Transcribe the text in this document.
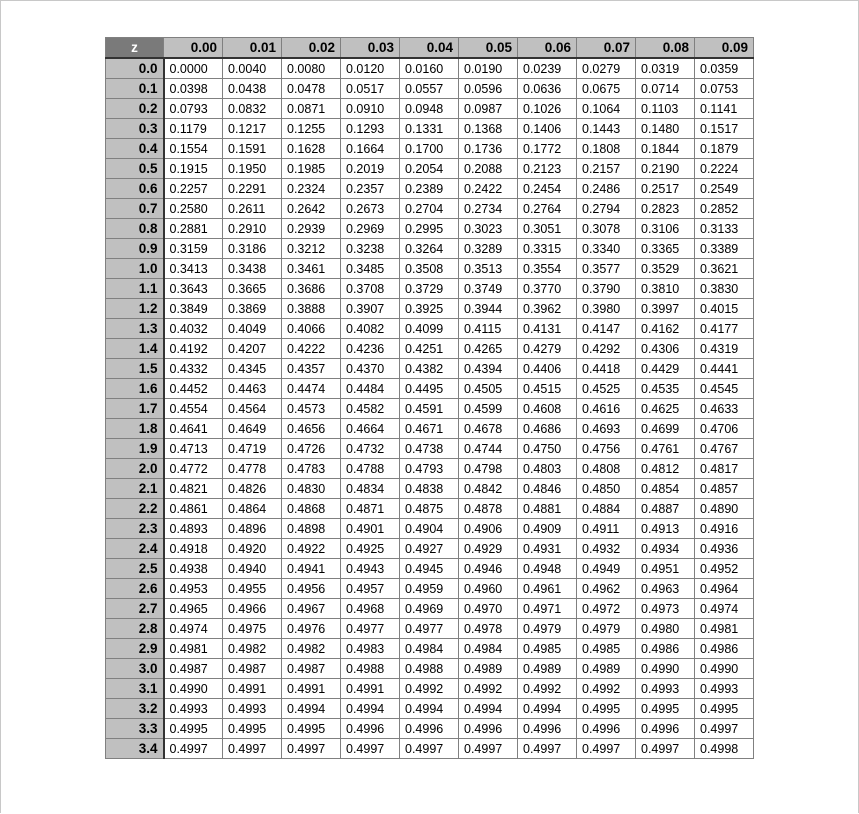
z	0.00	0.01	0.02	0.03	0.04	0.05	0.06	0.07	0.08	0.09
0.0	0.0000	0.0040	0.0080	0.0120	0.0160	0.0190	0.0239	0.0279	0.0319	0.0359
0.1	0.0398	0.0438	0.0478	0.0517	0.0557	0.0596	0.0636	0.0675	0.0714	0.0753
0.2	0.0793	0.0832	0.0871	0.0910	0.0948	0.0987	0.1026	0.1064	0.1103	0.1141
0.3	0.1179	0.1217	0.1255	0.1293	0.1331	0.1368	0.1406	0.1443	0.1480	0.1517
0.4	0.1554	0.1591	0.1628	0.1664	0.1700	0.1736	0.1772	0.1808	0.1844	0.1879
0.5	0.1915	0.1950	0.1985	0.2019	0.2054	0.2088	0.2123	0.2157	0.2190	0.2224
0.6	0.2257	0.2291	0.2324	0.2357	0.2389	0.2422	0.2454	0.2486	0.2517	0.2549
0.7	0.2580	0.2611	0.2642	0.2673	0.2704	0.2734	0.2764	0.2794	0.2823	0.2852
0.8	0.2881	0.2910	0.2939	0.2969	0.2995	0.3023	0.3051	0.3078	0.3106	0.3133
0.9	0.3159	0.3186	0.3212	0.3238	0.3264	0.3289	0.3315	0.3340	0.3365	0.3389
1.0	0.3413	0.3438	0.3461	0.3485	0.3508	0.3513	0.3554	0.3577	0.3529	0.3621
1.1	0.3643	0.3665	0.3686	0.3708	0.3729	0.3749	0.3770	0.3790	0.3810	0.3830
1.2	0.3849	0.3869	0.3888	0.3907	0.3925	0.3944	0.3962	0.3980	0.3997	0.4015
1.3	0.4032	0.4049	0.4066	0.4082	0.4099	0.4115	0.4131	0.4147	0.4162	0.4177
1.4	0.4192	0.4207	0.4222	0.4236	0.4251	0.4265	0.4279	0.4292	0.4306	0.4319
1.5	0.4332	0.4345	0.4357	0.4370	0.4382	0.4394	0.4406	0.4418	0.4429	0.4441
1.6	0.4452	0.4463	0.4474	0.4484	0.4495	0.4505	0.4515	0.4525	0.4535	0.4545
1.7	0.4554	0.4564	0.4573	0.4582	0.4591	0.4599	0.4608	0.4616	0.4625	0.4633
1.8	0.4641	0.4649	0.4656	0.4664	0.4671	0.4678	0.4686	0.4693	0.4699	0.4706
1.9	0.4713	0.4719	0.4726	0.4732	0.4738	0.4744	0.4750	0.4756	0.4761	0.4767
2.0	0.4772	0.4778	0.4783	0.4788	0.4793	0.4798	0.4803	0.4808	0.4812	0.4817
2.1	0.4821	0.4826	0.4830	0.4834	0.4838	0.4842	0.4846	0.4850	0.4854	0.4857
2.2	0.4861	0.4864	0.4868	0.4871	0.4875	0.4878	0.4881	0.4884	0.4887	0.4890
2.3	0.4893	0.4896	0.4898	0.4901	0.4904	0.4906	0.4909	0.4911	0.4913	0.4916
2.4	0.4918	0.4920	0.4922	0.4925	0.4927	0.4929	0.4931	0.4932	0.4934	0.4936
2.5	0.4938	0.4940	0.4941	0.4943	0.4945	0.4946	0.4948	0.4949	0.4951	0.4952
2.6	0.4953	0.4955	0.4956	0.4957	0.4959	0.4960	0.4961	0.4962	0.4963	0.4964
2.7	0.4965	0.4966	0.4967	0.4968	0.4969	0.4970	0.4971	0.4972	0.4973	0.4974
2.8	0.4974	0.4975	0.4976	0.4977	0.4977	0.4978	0.4979	0.4979	0.4980	0.4981
2.9	0.4981	0.4982	0.4982	0.4983	0.4984	0.4984	0.4985	0.4985	0.4986	0.4986
3.0	0.4987	0.4987	0.4987	0.4988	0.4988	0.4989	0.4989	0.4989	0.4990	0.4990
3.1	0.4990	0.4991	0.4991	0.4991	0.4992	0.4992	0.4992	0.4992	0.4993	0.4993
3.2	0.4993	0.4993	0.4994	0.4994	0.4994	0.4994	0.4994	0.4995	0.4995	0.4995
3.3	0.4995	0.4995	0.4995	0.4996	0.4996	0.4996	0.4996	0.4996	0.4996	0.4997
3.4	0.4997	0.4997	0.4997	0.4997	0.4997	0.4997	0.4997	0.4997	0.4997	0.4998
